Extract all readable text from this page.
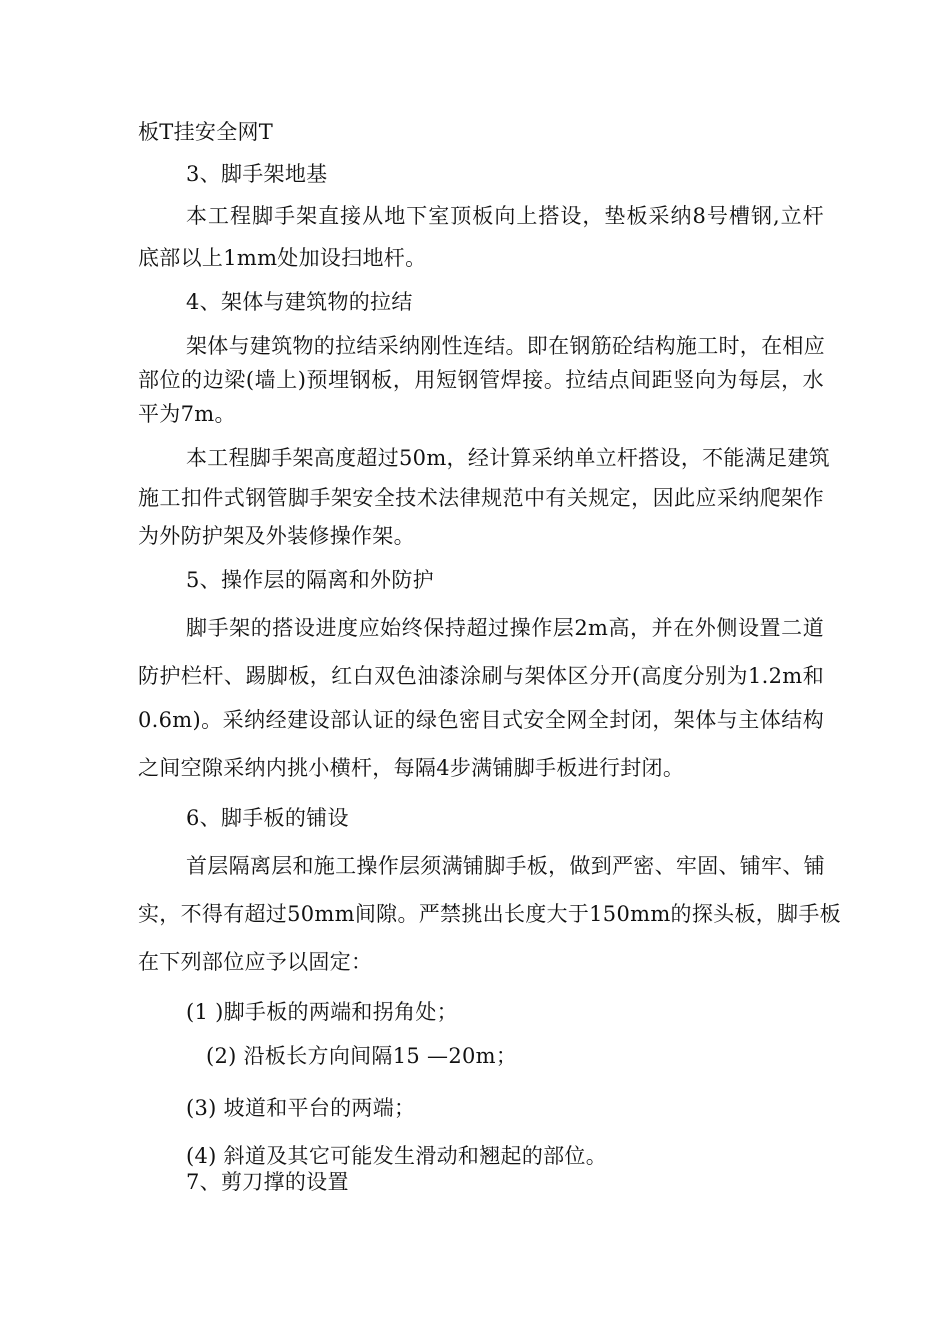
板T挂安全网T
3、脚手架地基
本工程脚手架直接从地下室顶板向上搭设，垫板采纳8号槽钢,立杆
底部以上1mm处加设扫地杆。
4、架体与建筑物的拉结
架体与建筑物的拉结采纳刚性连结。即在钢筋砼结构施工时，在相应
部位的边梁(墙上)预埋钢板，用短钢管焊接。拉结点间距竖向为每层，水
平为7m。
本工程脚手架高度超过50m，经计算采纳单立杆搭设，不能满足建筑
施工扣件式钢管脚手架安全技术法律规范中有关规定，因此应采纳爬架作
为外防护架及外装修操作架。
5、操作层的隔离和外防护
脚手架的搭设进度应始终保持超过操作层2m高，并在外侧设置二道
防护栏杆、踢脚板，红白双色油漆涂刷与架体区分开(高度分别为1.2m和
0.6m)。采纳经建设部认证的绿色密目式安全网全封闭，架体与主体结构
之间空隙采纳内挑小横杆，每隔4步满铺脚手板进行封闭。
6、脚手板的铺设
首层隔离层和施工操作层须满铺脚手板，做到严密、牢固、铺牢、铺
实，不得有超过50mm间隙。严禁挑出长度大于150mm的探头板，脚手板
在下列部位应予以固定：
(1 )脚手板的两端和拐角处；
(2) 沿板长方向间隔15 —20m；
(3) 坡道和平台的两端；
(4) 斜道及其它可能发生滑动和翘起的部位。
7、剪刀撑的设置
